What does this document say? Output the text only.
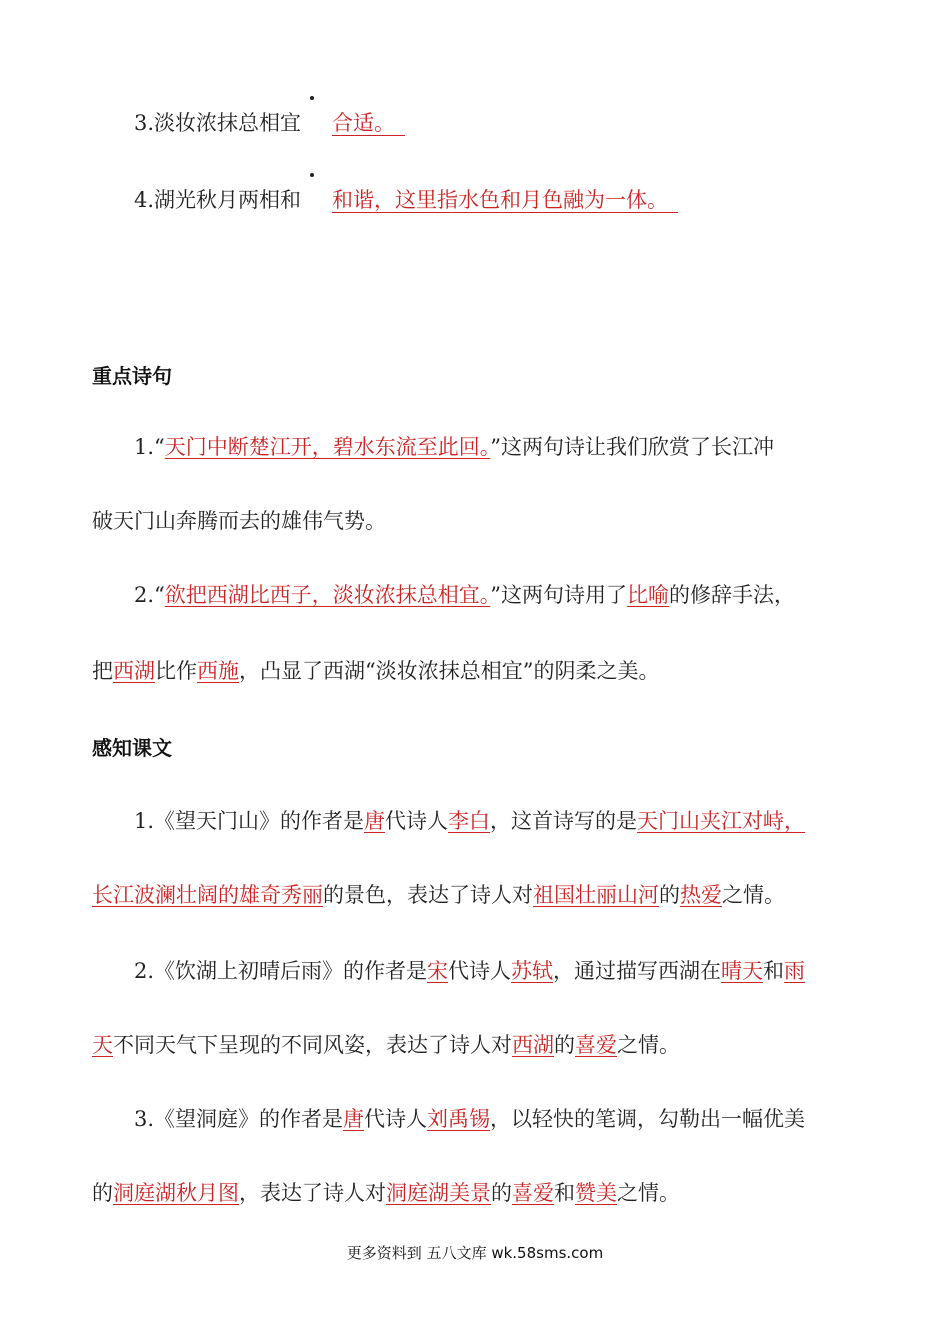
3.淡妆浓抹总相宜 合适。
4.湖光秋月两相和 和谐，这里指水色和月色融为一体。
重点诗句
1.“天门中断楚江开，碧水东流至此回。”这两句诗让我们欣赏了长江冲
破天门山奔腾而去的雄伟气势。
2.“欲把西湖比西子，淡妆浓抹总相宜。”这两句诗用了比喻的修辞手法，
把西湖比作西施，凸显了西湖“淡妆浓抹总相宜”的阴柔之美。
感知课文
1.《望天门山》的作者是唐代诗人李白，这首诗写的是天门山夹江对峙，
长江波澜壮阔的雄奇秀丽的景色，表达了诗人对祖国壮丽山河的热爱之情。
2.《饮湖上初晴后雨》的作者是宋代诗人苏轼，通过描写西湖在晴天和雨
天不同天气下呈现的不同风姿，表达了诗人对西湖的喜爱之情。
3.《望洞庭》的作者是唐代诗人刘禹锡，以轻快的笔调，勾勒出一幅优美
的洞庭湖秋月图，表达了诗人对洞庭湖美景的喜爱和赞美之情。
更多资料到 五八文库 wk.58sms.com
